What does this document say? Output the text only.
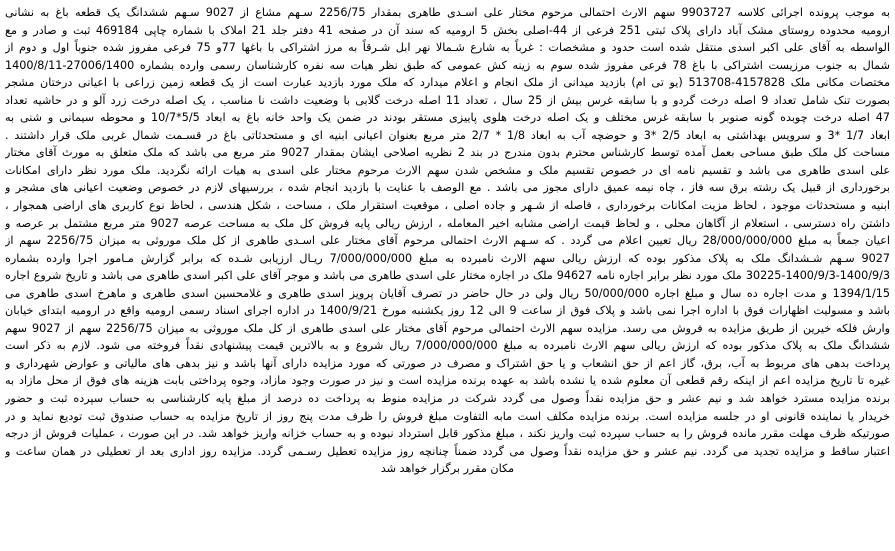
به موجب پرونده اجرائی کلاسه 9903727 سهم الارث احتمالی مرحوم مختار علی اسـدی طاهری بمقدار 2256/75 سـهم مشاع از 9027 سـهم ششدانگ یک قطعه باغ به نشانی
ارومیه محدوده روستای مشک آباد دارای پلاک ثبتی 251 فرعی از 44-اصلی بخش 5 ارومیه که سند آن در صفحه 41 دفتر جلد 21 املاک با شماره چاپی 469184 ثبت و صادر و مع
الواسطه به آقای علی اکبر اسدی منتقل شده است حدود و مشخصات : غرباً به شارع شـمالا نهر ابل شـرقاً به مرز اشتراکی با باغها 77و 75 فرعی مفروز شده جنوباً اول و دوم از
شمال به جنوب مرزیست اشتراکی با باغ 78 فرعی مفروز شده سوم به زینه کش عمومی که طبق نظر هیات سه نفره کارشناسان رسمی وارده بشماره 27006/1400-1400/8/11
مختصات مکانی ملک 4157828-513708 (یو تی ام) بازدید میدانی از ملک انجام و اعلام میدارد که ملک مورد بازدید عبارت است از یک قطعه زمین زراعی با اعیانی درختان مشجر
بصورت تنک شامل تعداد 9 اصله درخت گردو و با سابقه غرس بیش از 25 سال ، تعداد 11 اصله درخت گلابی با وضعیت داشت نا مناسب ، یک اصله درخت زرد آلو و در حاشیه تعداد
47 اصله درخت چوبده گونه صنوبر با سابقه غرس مختلف و یک اصله درخت هلوی پاییزی مستقر بودند در ضمن یک واحد خانه باغ به ابعاد 5/5*10/7 و محوطه سیمانی و شنی به
ابعاد 1/7 *3 و سرویس بهداشتی به ابعاد 2/5 *3 و حوضچه آب به ابعاد 1/8 * 2/7 متر مربع بعنوان اعیانی ابنیه ای و مستحدثاتی باغ در قسـمت شمال غربی ملک قرار داشتند .
مساحت کل ملک طبق مساحی بعمل آمده توسط کارشناس محترم بدون مندرج در بند 2 نظریه اصلاحی ایشان بمقدار 9027 متر مربع می باشد که ملک متعلق به مورث آقای مختار
علی اسدی طاهری می باشد و تقسیم نامه ای در خصوص تقسیم ملک و مشخص شدن سهم الارث مرحوم مختار علی اسدی به هیات ارائه نگردید. ملک مورد نظر دارای امکانات
برخورداری از قبیل یک رشته برق سه فاز ، چاه نیمه عمیق دارای مجوز می باشد . مع الوصف با عنایت با بازدید انجام شده ، بررسیهای لازم در خصوص وضعیت اعیانی های مشجر و
ابنیه و مستحدثات موجود ، لحاظ مزیت امکانات برخورداری ، فاصله از شـهر و جاده اصلی ، موقعیت استقرار ملک ، مساحت ، شکل هندسی ، لحاظ نوع کاربری های اراضی همجوار ،
داشتن راه دسترسی ، استعلام از آگاهان محلی ، و لحاظ قیمت اراضی مشابه اخیر المعامله ، ارزش ریالی پایه فروش کل ملک به مساحت عرصه 9027 متر مربع مشتمل بر عرصه و
اعیان جمعاً به مبلغ 28/000/000/000 ریال تعیین اعلام می گردد . که سـهم الارث احتمالی مرحوم آقای مختار علی اسـدی طاهری از کل ملک موروثی به میزان 2256/75 سهم از
9027 سـهم شـشدانگ ملک به پلاک مذکور بوده که ارزش ریالی سهم الارث نامبرده به مبلغ 7/000/000/000 ریـال ارزیابی شـده که برابر گزارش مـامور اجرا وارده بشماره
30225-1400/9/3-1400/9/3 ملک مورد نظر برابر اجاره نامه 94627 ملک در اجاره مختار علی اسدی طاهری می باشد و موجر آقای علی اکبر اسدی طاهری می باشد و تاریخ شروع اجاره
1394/1/15 و مدت اجاره ده سال و مبلغ اجاره 50/000/000 ریال ولی در حال حاضر در تصرف آقایان پرویز اسدی طاهری و غلامحسین اسدی طاهری و ماهرخ اسدی طاهری می
باشد و مسولیت اظهارات فوق با اداره اجرا نمی باشد و پلاک فوق از ساعت 9 الی 12 روز یکشنبه مورخ 1400/9/21 در اداره اجرای اسناد رسمی ارومیه واقع در ارومیه ابتدای خیابان
وارش فلکه خیرین از طریق مزایده به فروش می رسد. مزایده سهم الارث احتمالی مرحوم آقای مختار علی اسدی طاهری از کل ملک موروثی به میزان 2256/75 سهم از 9027 سهم
ششدانگ ملک به پلاک مذکور بوده که ارزش ریالی سهم الارث نامبرده به مبلغ 7/000/000/000 ریال شروع و به بالاترین قیمت پیشنهادی نقداً فروخته می شود. لازم به ذکر است
پرداخت بدهی های مربوط به آب، برق، گاز اعم از حق انشعاب و یا حق اشتراک و مصرف در صورتی که مورد مزایده دارای آنها باشد و نیز بدهی های مالیاتی و عوارض شهرداری و
غیره تا تاریخ مزایده اعم از اینکه رقم قطعی آن معلوم شده یا نشده باشد به عهده برنده مزایده است و نیز در صورت وجود مازاد، وجوه پرداختی بابت هزینه های فوق از محل مازاد به
برنده مزایده مسترد خواهد شد و نیم عشر و حق مزایده نقداً وصول می گردد شرکت در مزایده منوط به پرداخت ده درصد از مبلغ پایه کارشناسی به حساب سپرده ثبت و حضور
خریدار یا نماینده قانونی او در جلسه مزایده است. برنده مزایده مکلف است مابه التفاوت مبلغ فروش را ظرف مدت پنج روز از تاریخ مزایده به حساب صندوق ثبت تودیع نماید و در
صورتیکه ظرف مهلت مقرر مانده فروش را به حساب سپرده ثبت واریز نکند ، مبلغ مذکور قابل استرداد نبوده و به حساب خزانه واریز خواهد شد. در این صورت ، عملیات فروش از درجه
اعتبار ساقط و مزایده تجدید می گردد. نیم عشر و حق مزایده نقداً وصول می گردد ضمناً چنانچه روز مزایده تعطیل رسـمی گردد. مزایده روز اداری بعد از تعطیلی در همان ساعت و
مکان مقرر برگزار خواهد شد
